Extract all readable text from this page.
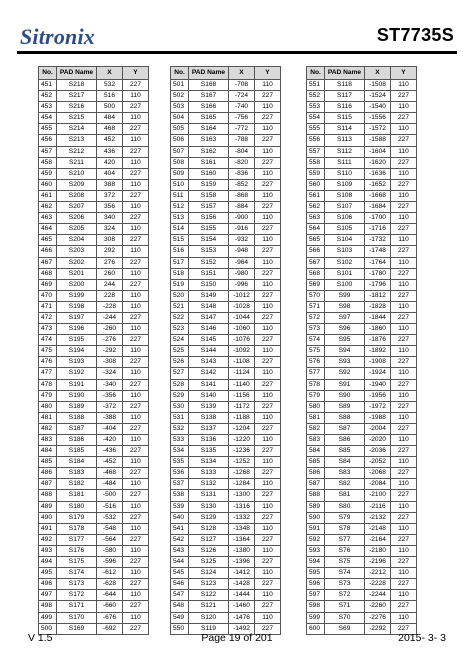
Sitronix	ST7735S
No.	PAD Name	X	Y
451	S218	532	227
452	S217	516	110
453	S216	500	227
454	S215	484	110
455	S214	468	227
456	S213	452	110
457	S212	436	227
458	S211	420	110
459	S210	404	227
460	S209	388	110
461	S208	372	227
462	S207	356	110
463	S206	340	227
464	S205	324	110
465	S204	308	227
466	S203	292	110
467	S202	276	227
468	S201	260	110
469	S200	244	227
470	S199	228	110
471	S198	-228	110
472	S197	-244	227
473	S196	-260	110
474	S195	-276	227
475	S194	-292	110
476	S193	-308	227
477	S192	-324	110
478	S191	-340	227
479	S190	-356	110
480	S189	-372	227
481	S188	-388	110
482	S187	-404	227
483	S186	-420	110
484	S185	-436	227
485	S184	-452	110
486	S183	-468	227
487	S182	-484	110
488	S181	-500	227
489	S180	-516	110
490	S179	-532	227
491	S178	-548	110
492	S177	-564	227
493	S176	-580	110
494	S175	-596	227
495	S174	-612	110
496	S173	-628	227
497	S172	-644	110
498	S171	-660	227
499	S170	-676	110
500	S169	-692	227
No.	PAD Name	X	Y
501	S168	-708	110
502	S167	-724	227
503	S166	-740	110
504	S165	-756	227
505	S164	-772	110
506	S163	-788	227
507	S162	-804	110
508	S161	-820	227
509	S160	-836	110
510	S159	-852	227
511	S158	-868	110
512	S157	-884	227
513	S156	-900	110
514	S155	-916	227
515	S154	-932	110
516	S153	-948	227
517	S152	-964	110
518	S151	-980	227
519	S150	-996	110
520	S149	-1012	227
521	S148	-1028	110
522	S147	-1044	227
523	S146	-1060	110
524	S145	-1076	227
525	S144	-1092	110
526	S143	-1108	227
527	S142	-1124	110
528	S141	-1140	227
529	S140	-1156	110
530	S139	-1172	227
531	S138	-1188	110
532	S137	-1204	227
533	S136	-1220	110
534	S135	-1236	227
535	S134	-1252	110
536	S133	-1268	227
537	S132	-1284	110
538	S131	-1300	227
539	S130	-1316	110
540	S129	-1332	227
541	S128	-1348	110
542	S127	-1364	227
543	S126	-1380	110
544	S125	-1396	227
545	S124	-1412	110
546	S123	-1428	227
547	S122	-1444	110
548	S121	-1460	227
549	S120	-1476	110
550	S119	-1492	227
No.	PAD Name	X	Y
551	S118	-1508	110
552	S117	-1524	227
553	S116	-1540	110
554	S115	-1556	227
555	S114	-1572	110
556	S113	-1588	227
557	S112	-1604	110
558	S111	-1620	227
559	S110	-1636	110
560	S109	-1652	227
561	S108	-1668	110
562	S107	-1684	227
563	S106	-1700	110
564	S105	-1716	227
565	S104	-1732	110
566	S103	-1748	227
567	S102	-1764	110
568	S101	-1780	227
569	S100	-1796	110
570	S99	-1812	227
571	S98	-1828	110
572	S97	-1844	227
573	S96	-1860	110
574	S95	-1876	227
575	S94	-1892	110
576	S93	-1908	227
577	S92	-1924	110
578	S91	-1940	227
579	S90	-1956	110
580	S89	-1972	227
581	S88	-1988	110
582	S87	-2004	227
583	S86	-2020	110
584	S85	-2036	227
585	S84	-2052	110
586	S83	-2068	227
587	S82	-2084	110
588	S81	-2100	227
589	S80	-2116	110
590	S79	-2132	227
591	S78	-2148	110
592	S77	-2164	227
593	S76	-2180	110
594	S75	-2196	227
595	S74	-2212	110
596	S73	-2228	227
597	S72	-2244	110
598	S71	-2260	227
599	S70	-2276	110
600	S69	-2292	227
V 1.5	Page 19 of 201	2015- 3- 3
